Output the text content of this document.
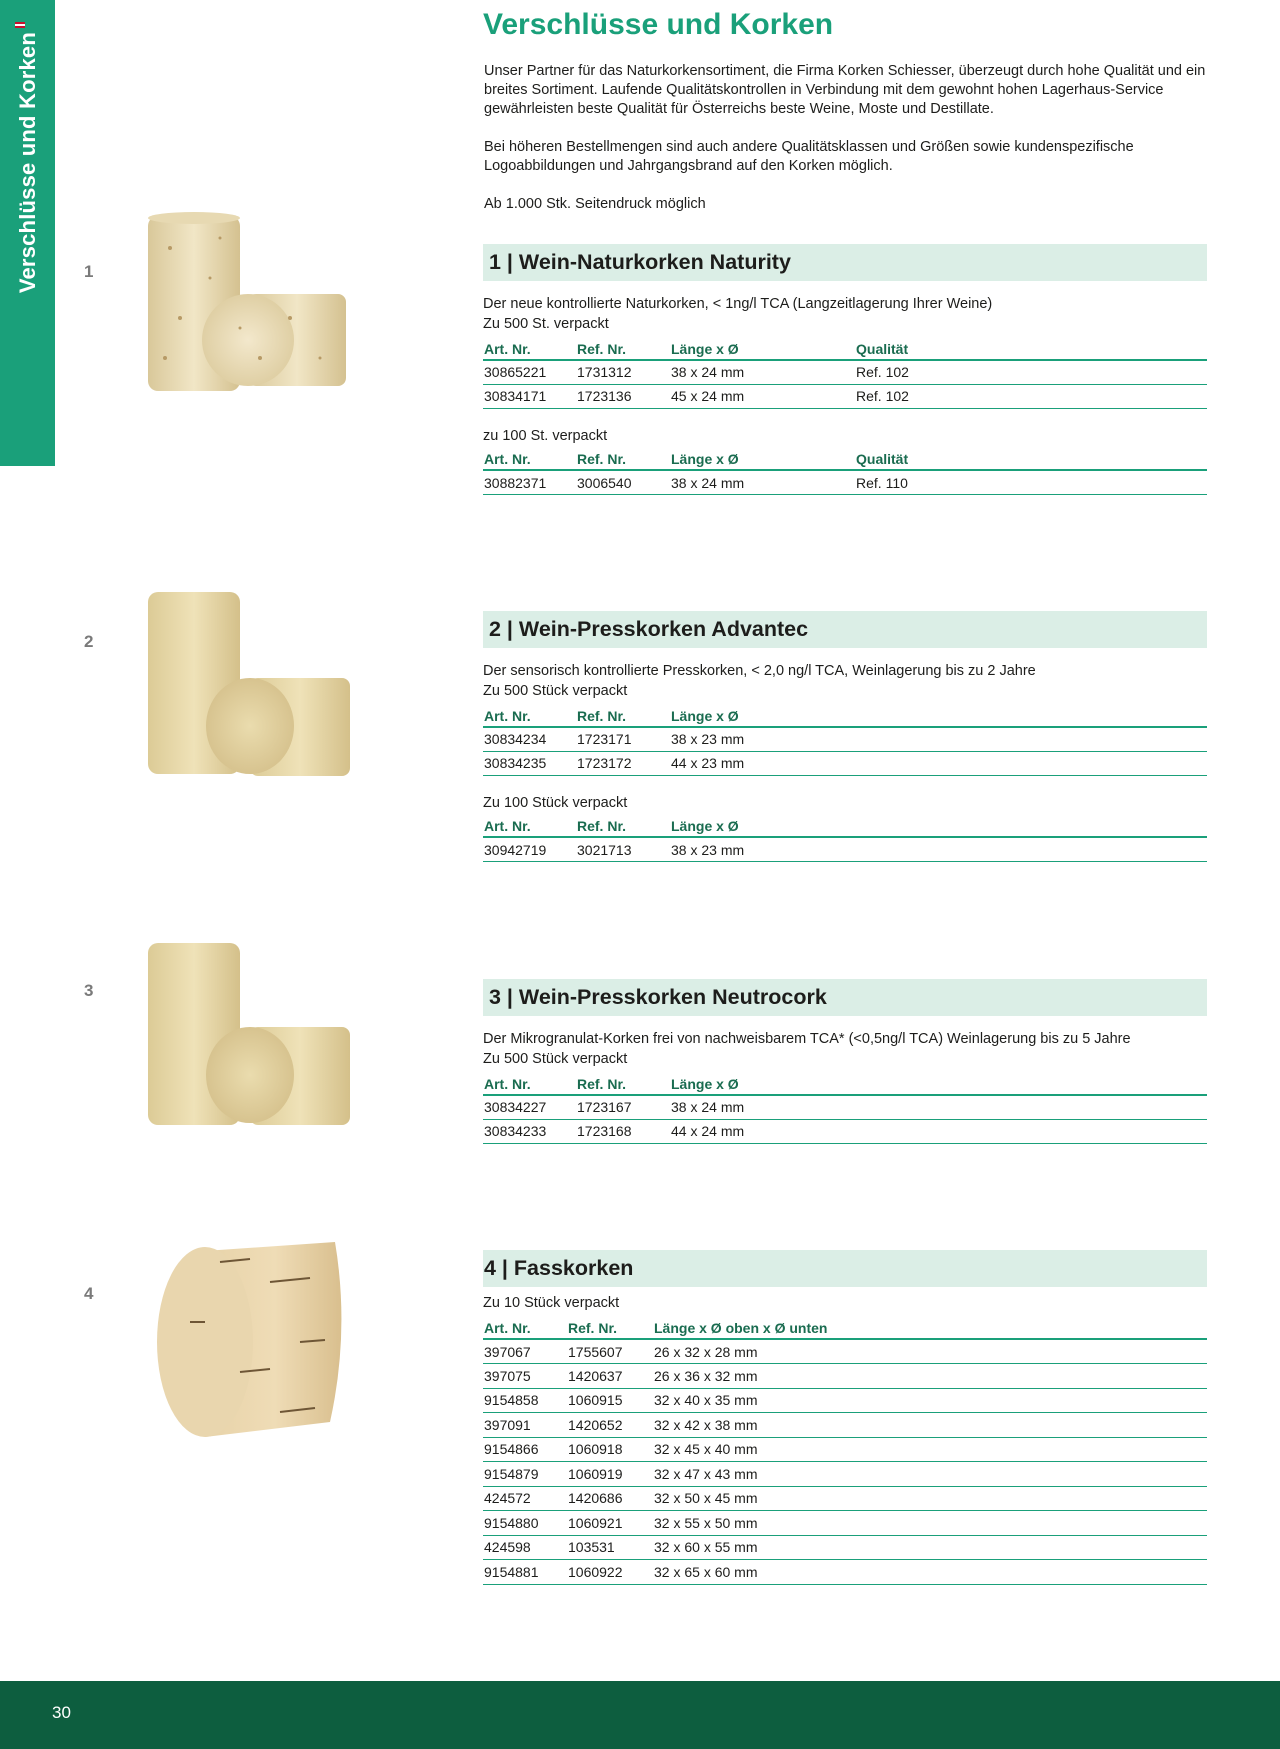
Verschlüsse und Korken
Verschlüsse und Korken

Unser Partner für das Naturkorkensortiment, die Firma Korken Schiesser, überzeugt durch hohe Qualität und ein breites Sortiment. Laufende Qualitätskontrollen in Verbindung mit dem gewohnt hohen Lagerhaus-Service gewährleisten beste Qualität für Österreichs beste Weine, Moste und Destillate.

Bei höheren Bestellmengen sind auch andere Qualitätsklassen und Größen sowie kundenspezifische Logoabbildungen und Jahrgangsbrand auf den Korken möglich.

Ab 1.000 Stk. Seitendruck möglich

1
2
3
4
1 | Wein-Naturkorken Naturity
Der neue kontrollierte Naturkorken, < 1ng/l TCA (Langzeitlagerung Ihrer Weine)
Zu 500 St. verpackt
Art. Nr.	Ref. Nr.	Länge x Ø	Qualität
30865221	1731312	38 x 24 mm	Ref. 102
30834171	1723136	45 x 24 mm	Ref. 102
zu 100 St. verpackt
Art. Nr.	Ref. Nr.	Länge x Ø	Qualität
30882371	3006540	38 x 24 mm	Ref. 110
2 | Wein-Presskorken Advantec
Der sensorisch kontrollierte Presskorken, < 2,0 ng/l TCA, Weinlagerung bis zu 2 Jahre
Zu 500 Stück verpackt
Art. Nr.	Ref. Nr.	Länge x Ø
30834234	1723171	38 x 23 mm
30834235	1723172	44 x 23 mm
Zu 100 Stück verpackt
Art. Nr.	Ref. Nr.	Länge x Ø
30942719	3021713	38 x 23 mm
3 | Wein-Presskorken Neutrocork
Der Mikrogranulat-Korken frei von nachweisbarem TCA* (<0,5ng/l TCA) Weinlagerung bis zu 5 Jahre
Zu 500 Stück verpackt
Art. Nr.	Ref. Nr.	Länge x Ø
30834227	1723167	38 x 24 mm
30834233	1723168	44 x 24 mm
4 | Fasskorken
Zu 10 Stück verpackt
Art. Nr.	Ref. Nr.	Länge x Ø oben x Ø unten
397067	1755607	26 x 32 x 28 mm
397075	1420637	26 x 36 x 32 mm
9154858	1060915	32 x 40 x 35 mm
397091	1420652	32 x 42 x 38 mm
9154866	1060918	32 x 45 x 40 mm
9154879	1060919	32 x 47 x 43 mm
424572	1420686	32 x 50 x 45 mm
9154880	1060921	32 x 55 x 50 mm
424598	103531	32 x 60 x 55 mm
9154881	1060922	32 x 65 x 60 mm
30
